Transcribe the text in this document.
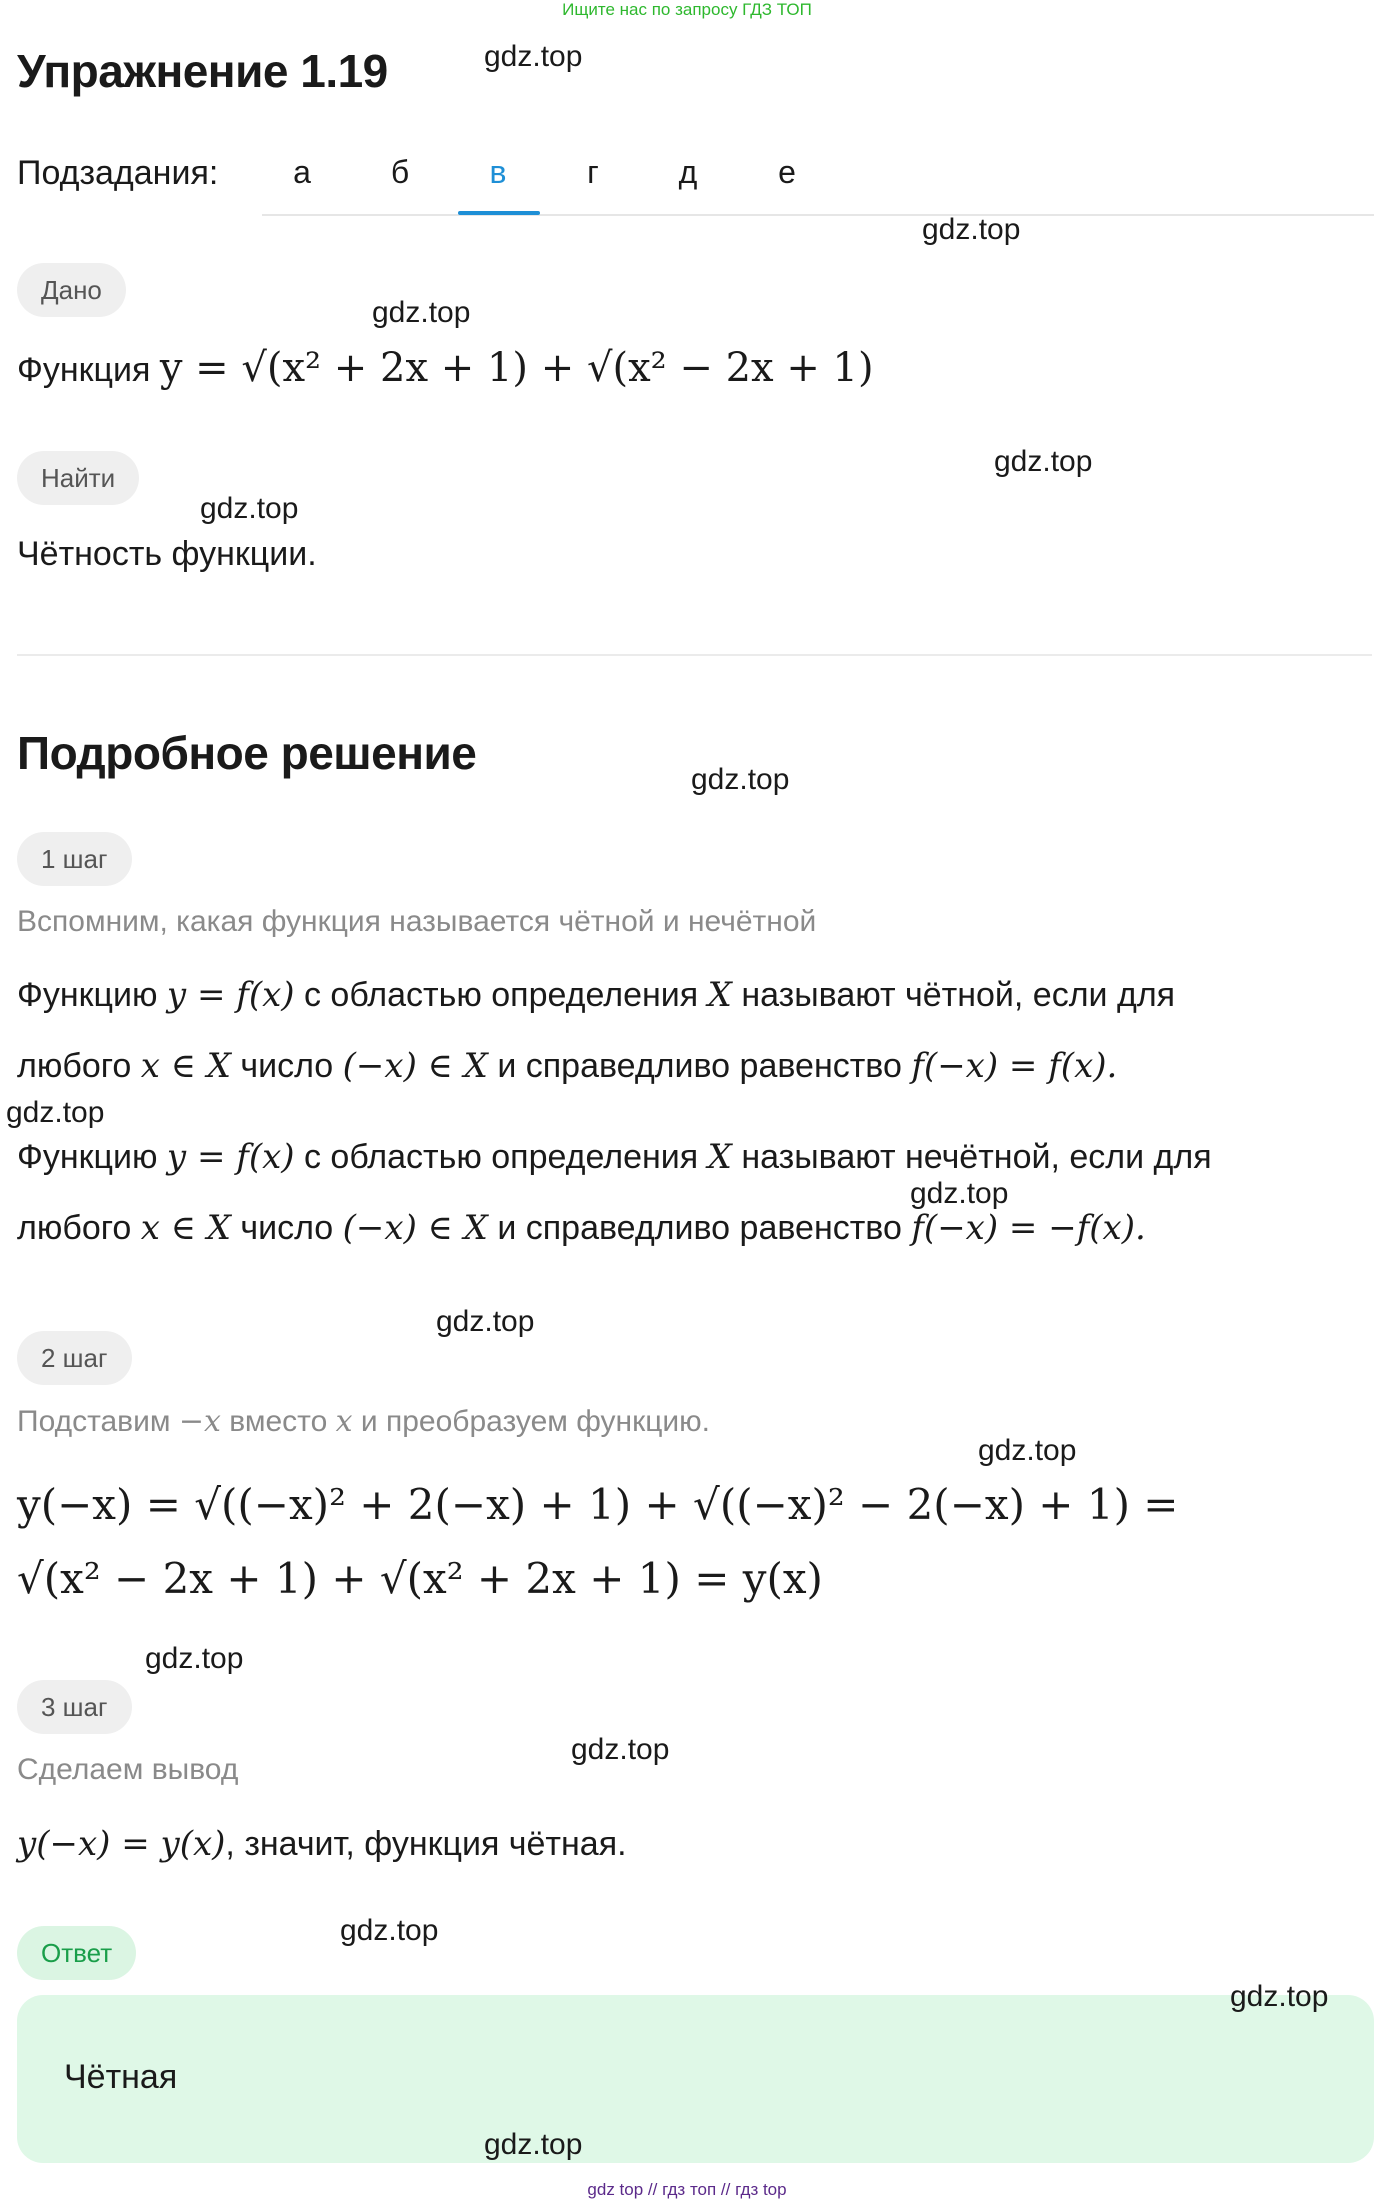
Ищите нас по запросу ГДЗ ТОП
Упражнение 1.19
Подзадания:	а	б	в	г	д	е
Дано
Функция y = √(x² + 2x + 1) + √(x² − 2x + 1)
Найти
Чётность функции.
Подробное решение
1 шаг
Вспомним, какая функция называется чётной и нечётной
Функцию y = f(x) с областью определения X называют чётной, если для
любого x ∈ X число (−x) ∈ X и справедливо равенство f(−x) = f(x).
Функцию y = f(x) с областью определения X называют нечётной, если для
любого x ∈ X число (−x) ∈ X и справедливо равенство f(−x) = −f(x).
2 шаг
Подставим −x вместо x и преобразуем функцию.
y(−x) = √((−x)² + 2(−x) + 1) + √((−x)² − 2(−x) + 1) =
√(x² − 2x + 1) + √(x² + 2x + 1) = y(x)
3 шаг
Сделаем вывод
y(−x) = y(x), значит, функция чётная.
Ответ
Чётная
gdz.top
gdz.top
gdz.top
gdz.top
gdz.top
gdz.top
gdz.top
gdz.top
gdz.top
gdz.top
gdz.top
gdz.top
gdz.top
gdz.top
gdz.top
gdz top // гдз топ // гдз top
